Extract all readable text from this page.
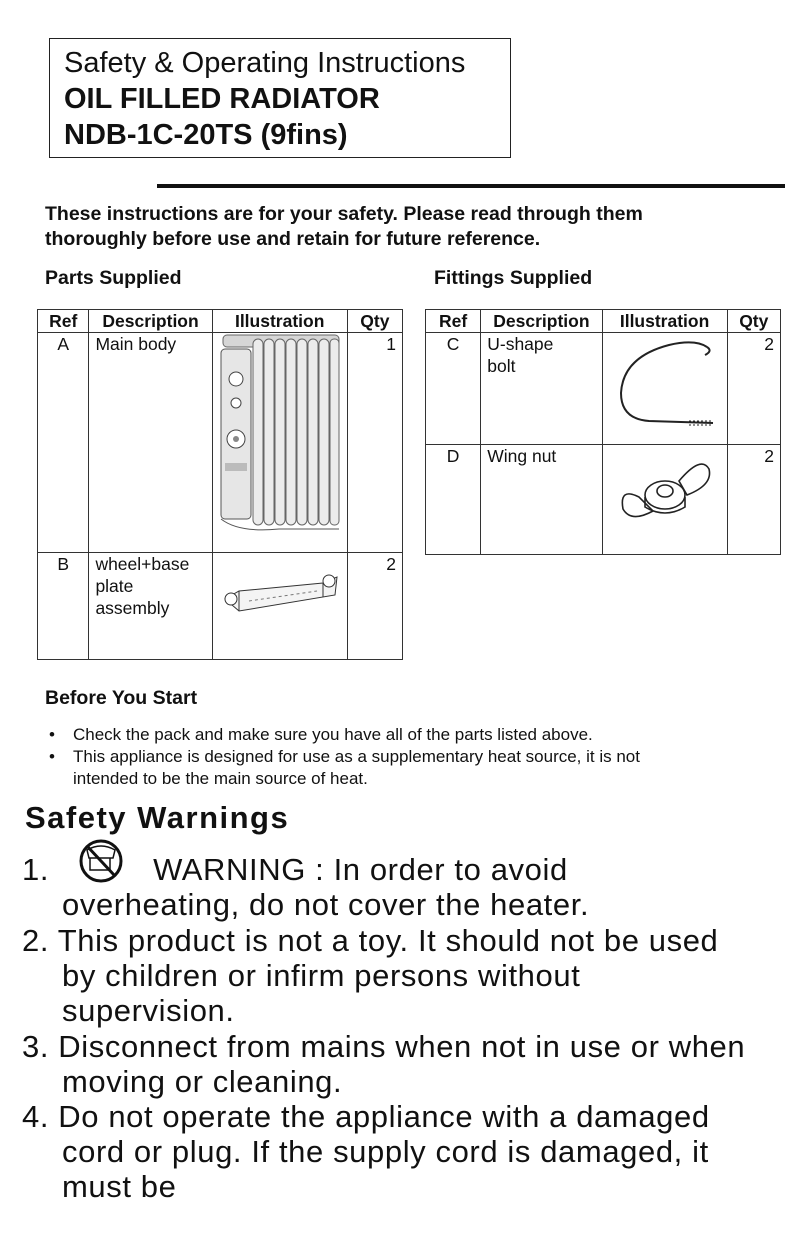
Safety & Operating Instructions
OIL FILLED RADIATOR
NDB-1C-20TS (9fins)
These instructions are for your safety. Please read through them
thoroughly before use and retain for future reference.
Parts Supplied	Fittings Supplied
Ref	Description	Illustration	Qty
A	Main body		1
B	wheel+base
plate
assembly		2
Ref	Description	Illustration	Qty
C	U-shape
bolt		2
D	Wing nut		2
Before You Start
• Check the pack and make sure you have all of the parts listed above.
• This appliance is designed for use as a supplementary heat source, it is not
intended to be the main source of heat.
Safety Warnings
1.	WARNING : In order to avoid
overheating, do not cover the heater.
2. This product is not a toy. It should not be used
by children or infirm persons without
supervision.
3. Disconnect from mains when not in use or when
moving or cleaning.
4. Do not operate the appliance with a damaged
cord or plug. If the supply cord is damaged, it
must be
